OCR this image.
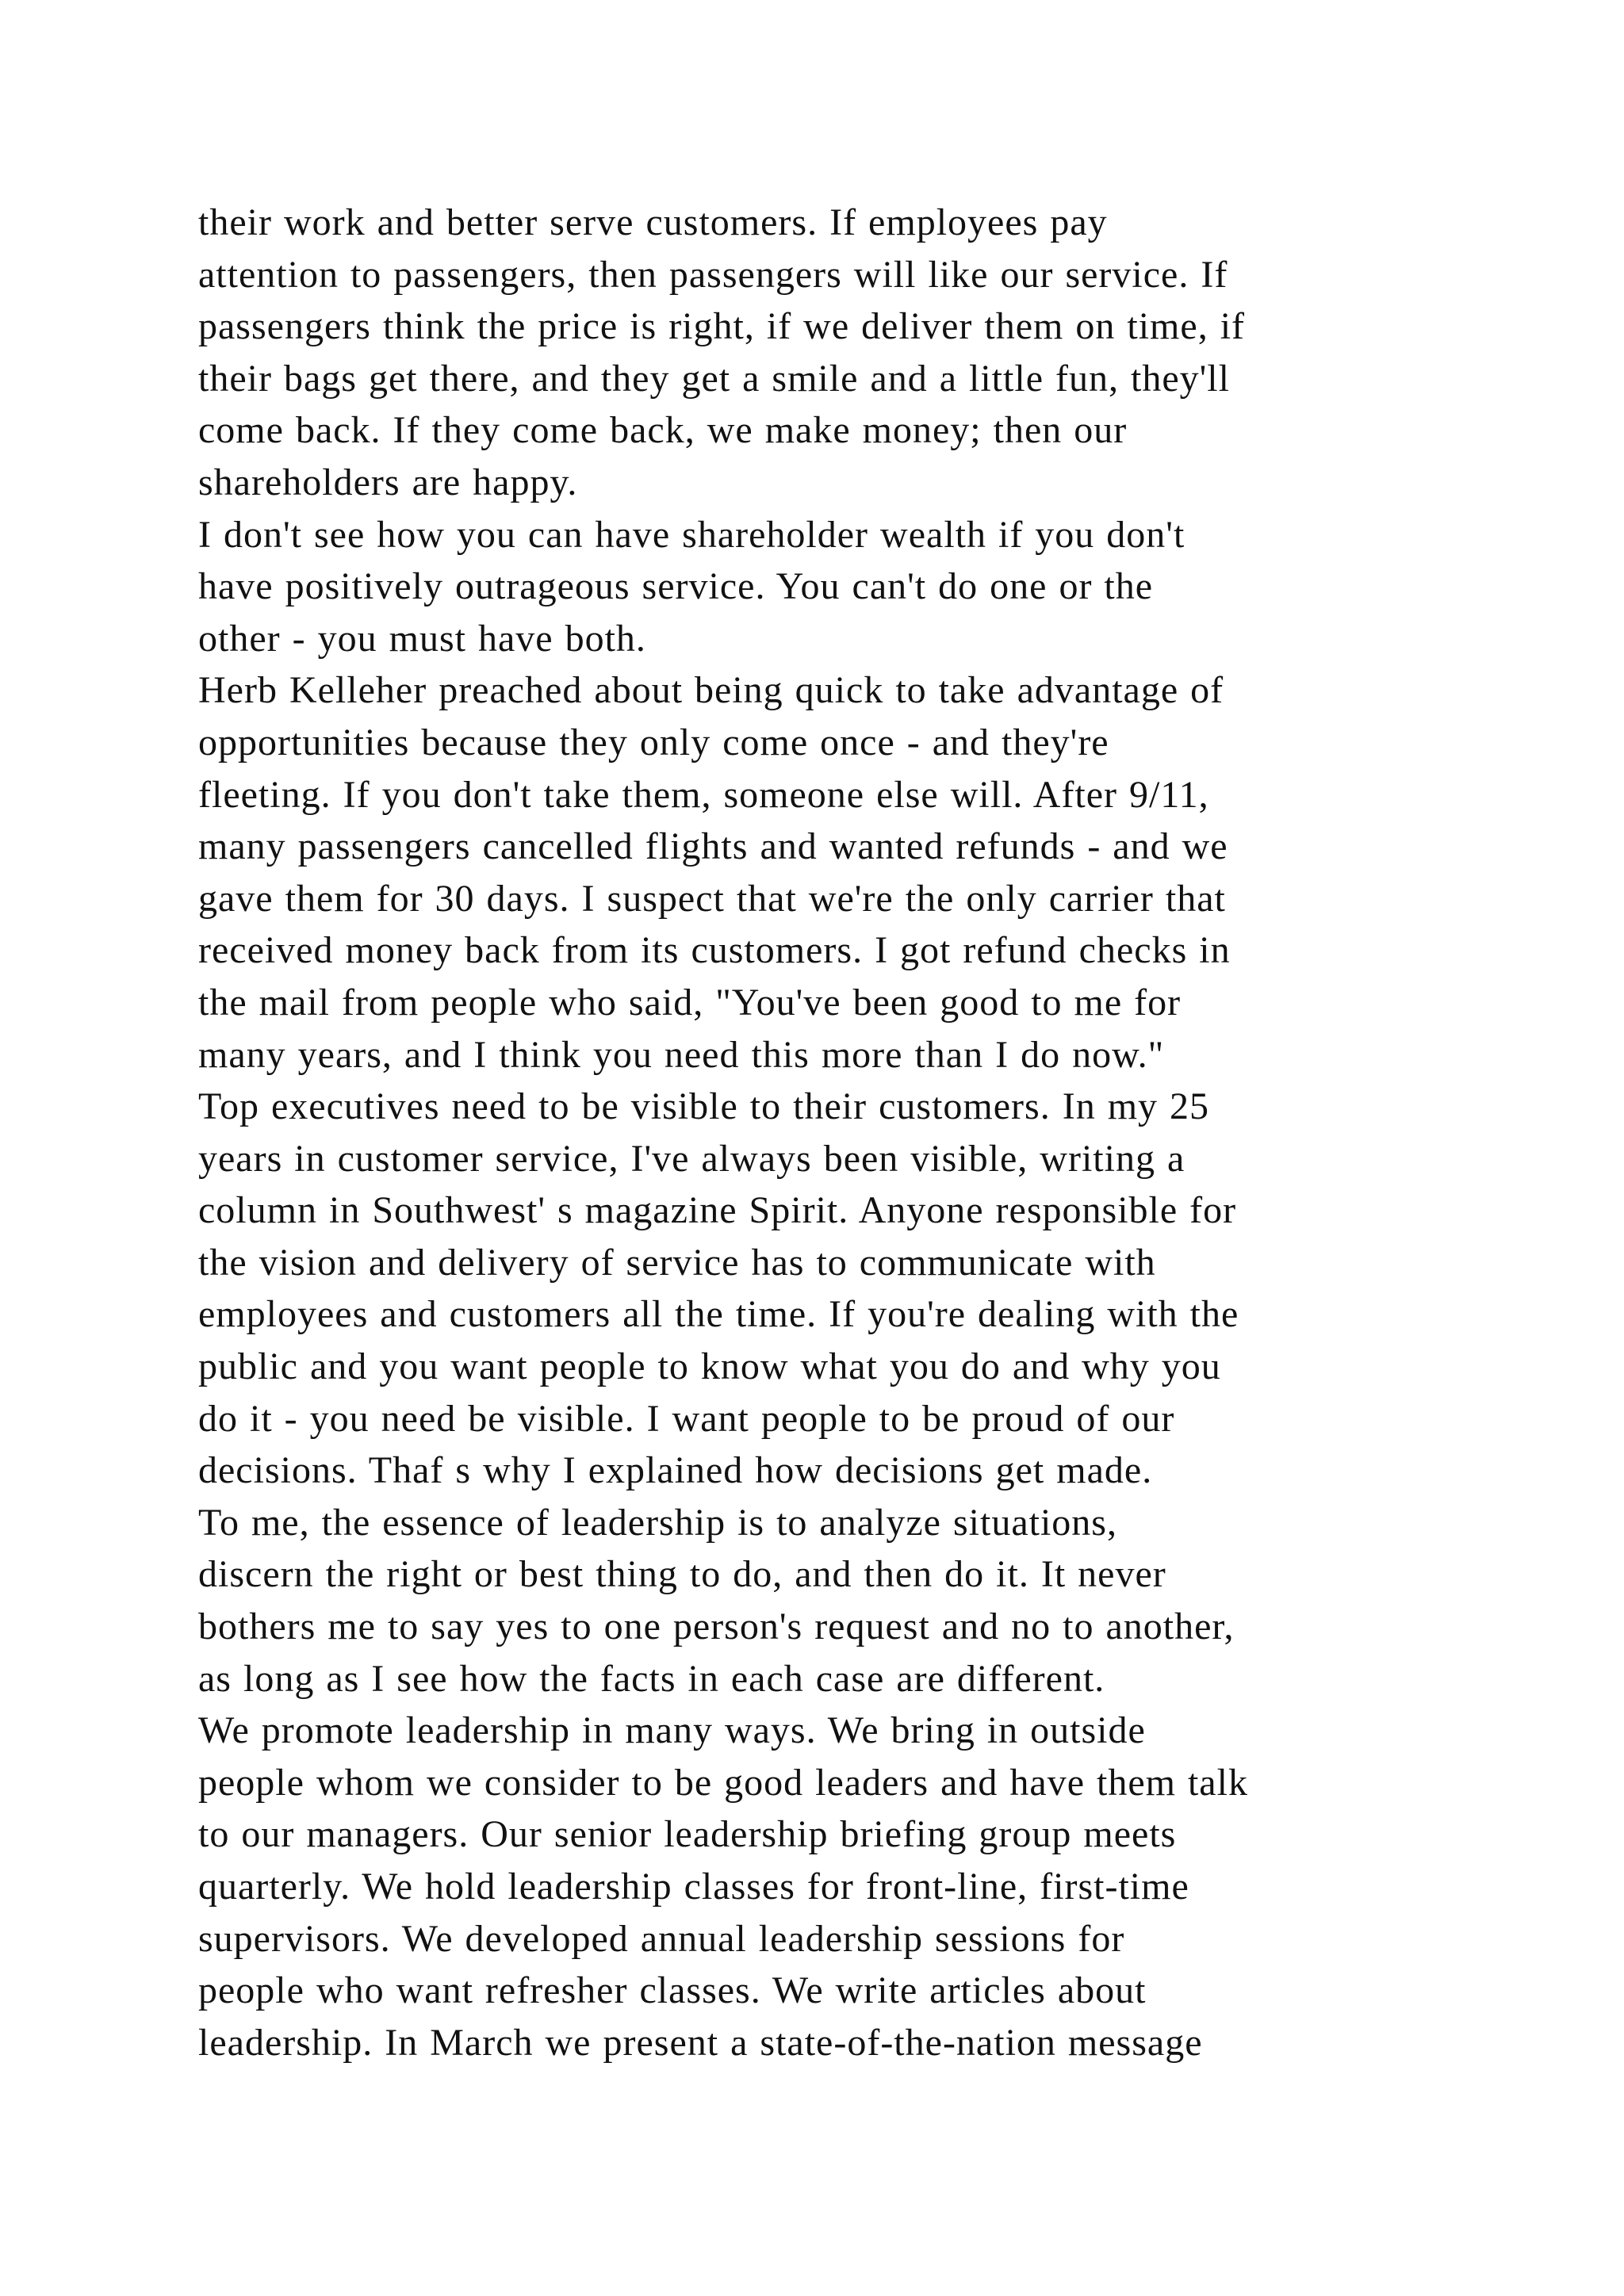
their work and better serve customers. If employees pay
attention to passengers, then passengers will like our service. If
passengers think the price is right, if we deliver them on time, if
their bags get there, and they get a smile and a little fun, they'll
come back. If they come back, we make money; then our
shareholders are happy.
I don't see how you can have shareholder wealth if you don't
have positively outrageous service. You can't do one or the
other - you must have both.
Herb Kelleher preached about being quick to take advantage of
opportunities because they only come once - and they're
fleeting. If you don't take them, someone else will. After 9/11,
many passengers cancelled flights and wanted refunds - and we
gave them for 30 days. I suspect that we're the only carrier that
received money back from its customers. I got refund checks in
the mail from people who said, "You've been good to me for
many years, and I think you need this more than I do now."
Top executives need to be visible to their customers. In my 25
years in customer service, I've always been visible, writing a
column in Southwest' s magazine Spirit. Anyone responsible for
the vision and delivery of service has to communicate with
employees and customers all the time. If you're dealing with the
public and you want people to know what you do and why you
do it - you need be visible. I want people to be proud of our
decisions. Thaf s why I explained how decisions get made.
To me, the essence of leadership is to analyze situations,
discern the right or best thing to do, and then do it. It never
bothers me to say yes to one person's request and no to another,
as long as I see how the facts in each case are different.
We promote leadership in many ways. We bring in outside
people whom we consider to be good leaders and have them talk
to our managers. Our senior leadership briefing group meets
quarterly. We hold leadership classes for front-line, first-time
supervisors. We developed annual leadership sessions for
people who want refresher classes. We write articles about
leadership. In March we present a state-of-the-nation message
